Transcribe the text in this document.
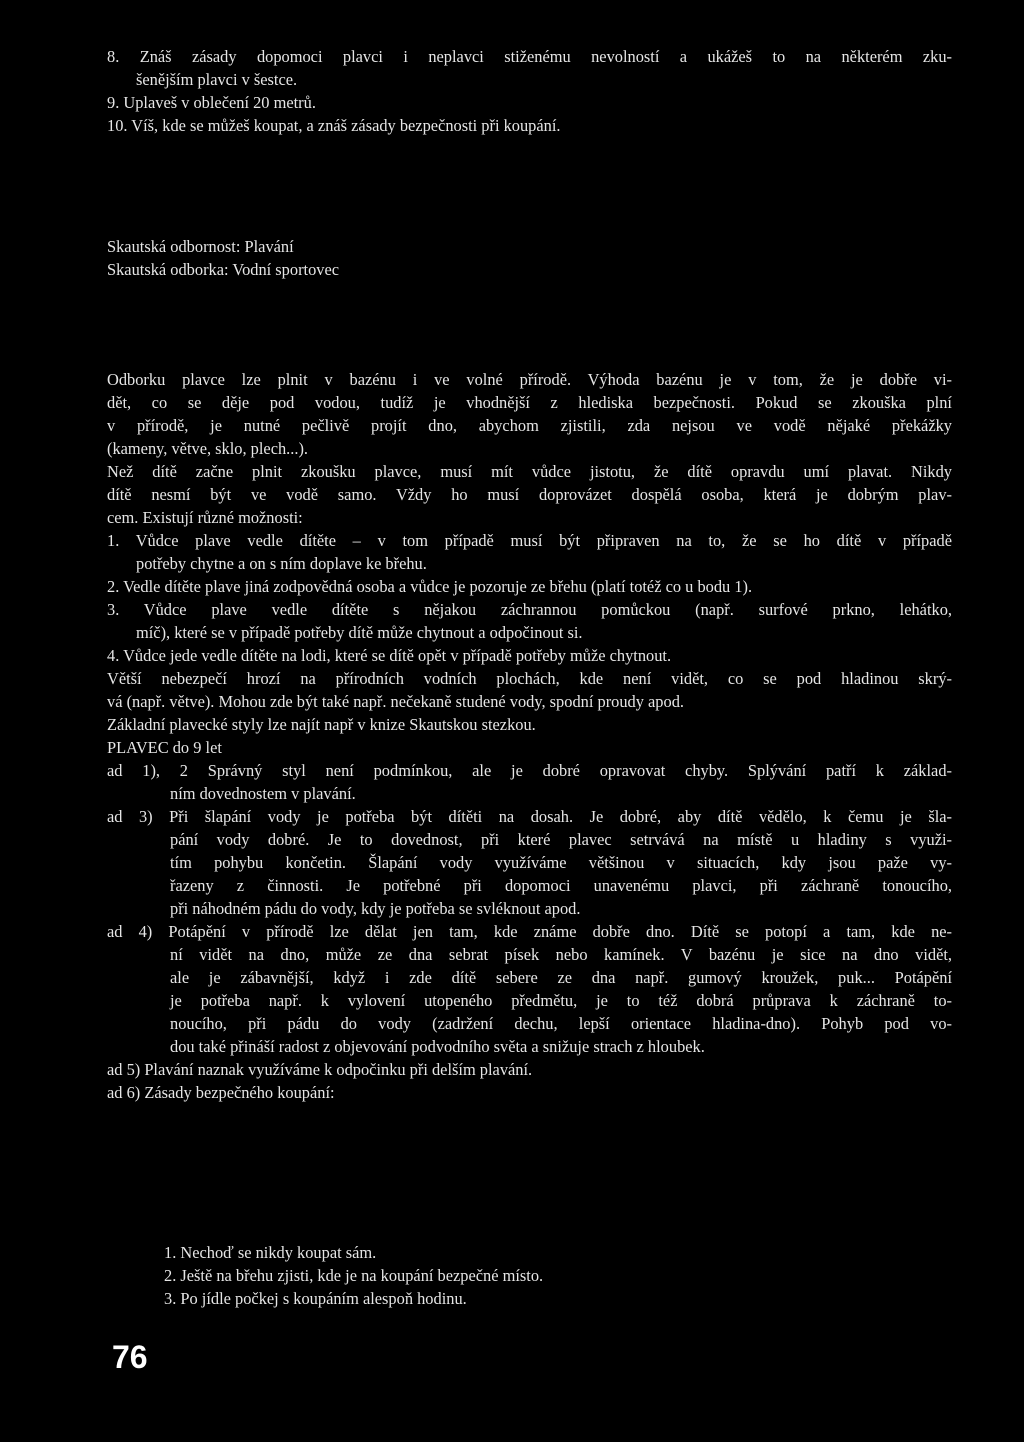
8. Znáš zásady dopomoci plavci i neplavci stiženému nevolností a ukážeš to na některém zku-
šenějším plavci v šestce.
9. Uplaveš v oblečení 20 metrů.
10. Víš, kde se můžeš koupat, a znáš zásady bezpečnosti při koupání.
Skautská odbornost: Plavání
Skautská odborka: Vodní sportovec
Odborku plavce lze plnit v bazénu i ve volné přírodě. Výhoda bazénu je v tom, že je dobře vi-
dět, co se děje pod vodou, tudíž je vhodnější z hlediska bezpečnosti. Pokud se zkouška plní
v přírodě, je nutné pečlivě projít dno, abychom zjistili, zda nejsou ve vodě nějaké překážky
(kameny, větve, sklo, plech...).
Než dítě začne plnit zkoušku plavce, musí mít vůdce jistotu, že dítě opravdu umí plavat. Nikdy
dítě nesmí být ve vodě samo. Vždy ho musí doprovázet dospělá osoba, která je dobrým plav-
cem. Existují různé možnosti:
1. Vůdce plave vedle dítěte – v tom případě musí být připraven na to, že se ho dítě v případě
potřeby chytne a on s ním doplave ke břehu.
2. Vedle dítěte plave jiná zodpovědná osoba a vůdce je pozoruje ze břehu (platí totéž co u bodu 1).
3. Vůdce plave vedle dítěte s nějakou záchrannou pomůckou (např. surfové prkno, lehátko,
míč), které se v případě potřeby dítě může chytnout a odpočinout si.
4. Vůdce jede vedle dítěte na lodi, které se dítě opět v případě potřeby může chytnout.
Větší nebezpečí hrozí na přírodních vodních plochách, kde není vidět, co se pod hladinou skrý-
vá (např. větve). Mohou zde být také např. nečekaně studené vody, spodní proudy apod.
Základní plavecké styly lze najít např v knize Skautskou stezkou.
PLAVEC do 9 let
ad 1), 2 Správný styl není podmínkou, ale je dobré opravovat chyby. Splývání patří k základ-
ním dovednostem v plavání.
ad 3) Při šlapání vody je potřeba být dítěti na dosah. Je dobré, aby dítě vědělo, k čemu je šla-
pání vody dobré. Je to dovednost, při které plavec setrvává na místě u hladiny s využi-
tím pohybu končetin. Šlapání vody využíváme většinou v situacích, kdy jsou paže vy-
řazeny z činnosti. Je potřebné při dopomoci unavenému plavci, při záchraně tonoucího,
při náhodném pádu do vody, kdy je potřeba se svléknout apod.
ad 4) Potápění v přírodě lze dělat jen tam, kde známe dobře dno. Dítě se potopí a tam, kde ne-
ní vidět na dno, může ze dna sebrat písek nebo kamínek. V bazénu je sice na dno vidět,
ale je zábavnější, když i zde dítě sebere ze dna např. gumový kroužek, puk... Potápění
je potřeba např. k vylovení utopeného předmětu, je to též dobrá průprava k záchraně to-
noucího, při pádu do vody (zadržení dechu, lepší orientace hladina-dno). Pohyb pod vo-
dou také přináší radost z objevování podvodního světa a snižuje strach z hloubek.
ad 5) Plavání naznak využíváme k odpočinku při delším plavání.
ad 6) Zásady bezpečného koupání:
1. Nechoď se nikdy koupat sám.
2. Ještě na břehu zjisti, kde je na koupání bezpečné místo.
3. Po jídle počkej s koupáním alespoň hodinu.
76
